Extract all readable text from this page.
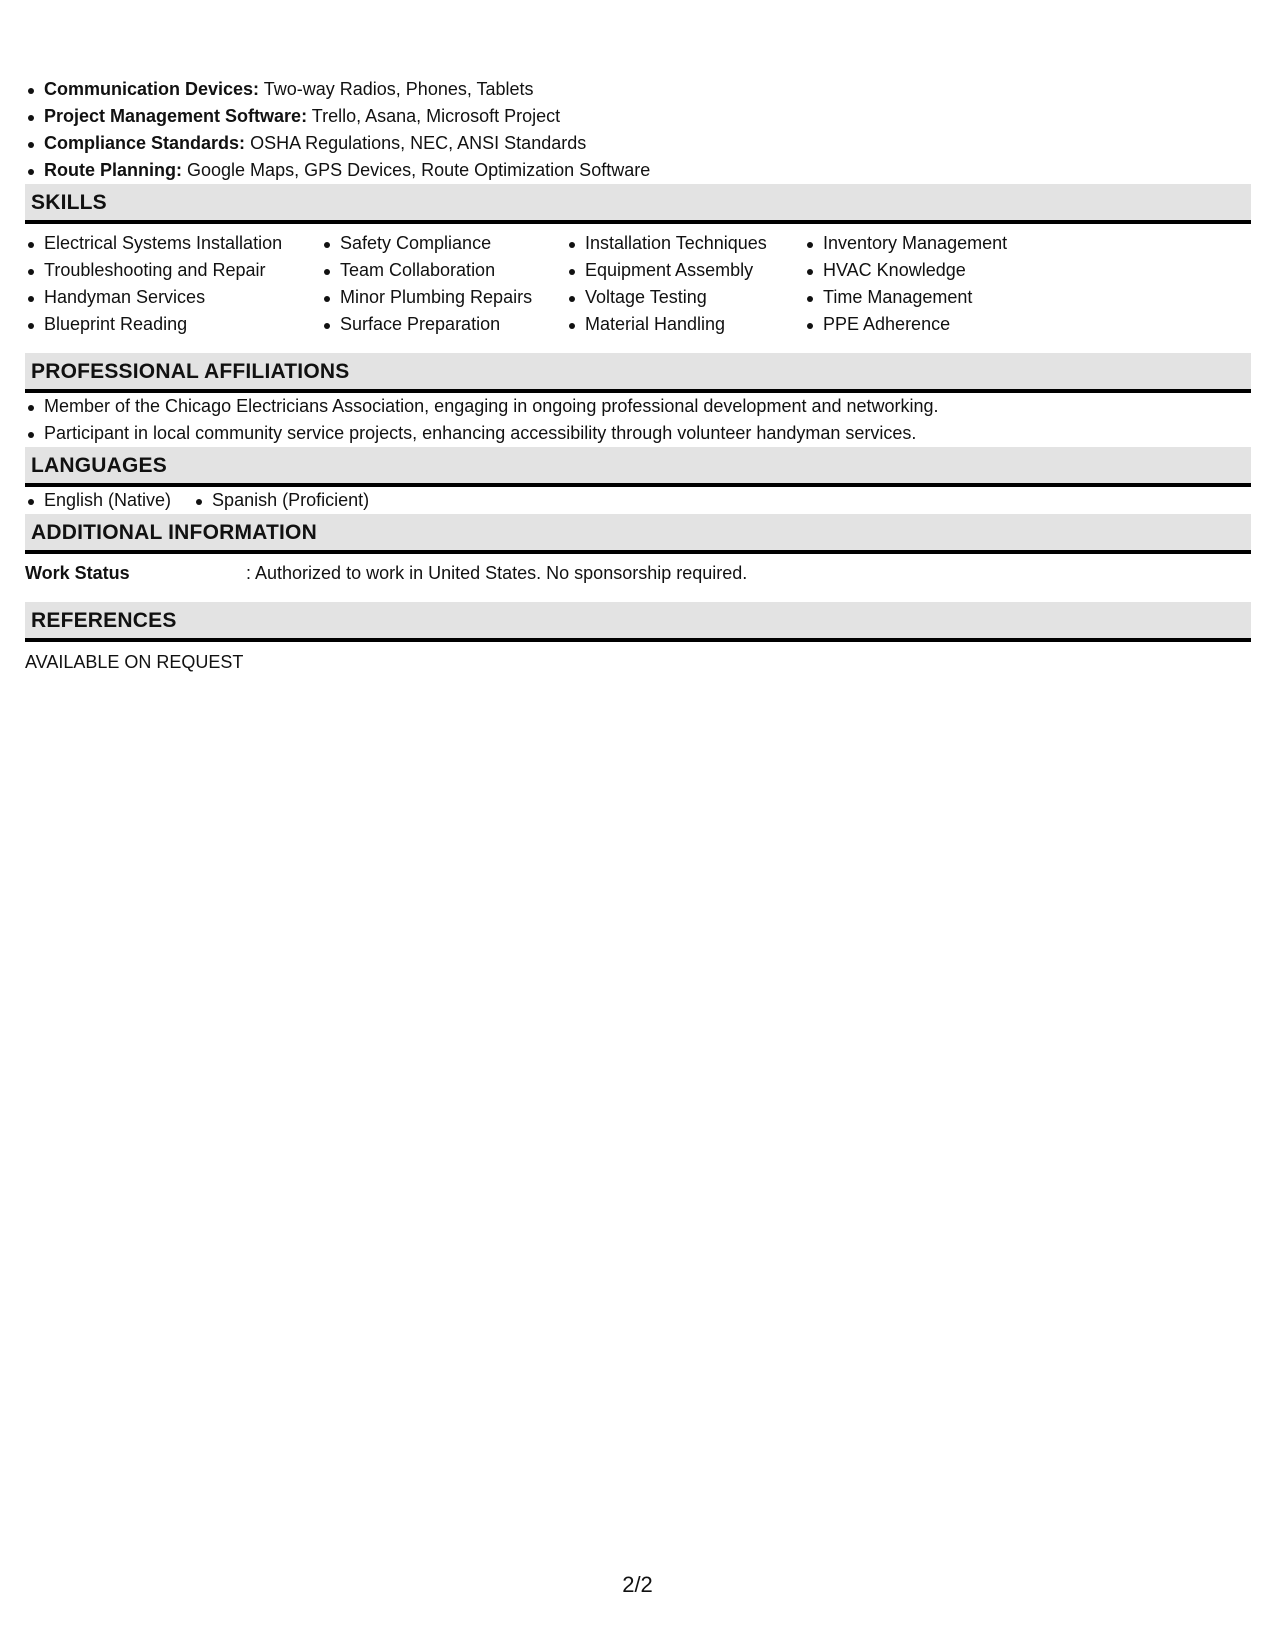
Communication Devices: Two-way Radios, Phones, Tablets
Project Management Software: Trello, Asana, Microsoft Project
Compliance Standards: OSHA Regulations, NEC, ANSI Standards
Route Planning: Google Maps, GPS Devices, Route Optimization Software
SKILLS
Electrical Systems Installation
Troubleshooting and Repair
Handyman Services
Blueprint Reading
Safety Compliance
Team Collaboration
Minor Plumbing Repairs
Surface Preparation
Installation Techniques
Equipment Assembly
Voltage Testing
Material Handling
Inventory Management
HVAC Knowledge
Time Management
PPE Adherence
PROFESSIONAL AFFILIATIONS
Member of the Chicago Electricians Association, engaging in ongoing professional development and networking.
Participant in local community service projects, enhancing accessibility through volunteer handyman services.
LANGUAGES
English (Native)	Spanish (Proficient)
ADDITIONAL INFORMATION
Work Status	: Authorized to work in United States. No sponsorship required.
REFERENCES
AVAILABLE ON REQUEST
2/2
